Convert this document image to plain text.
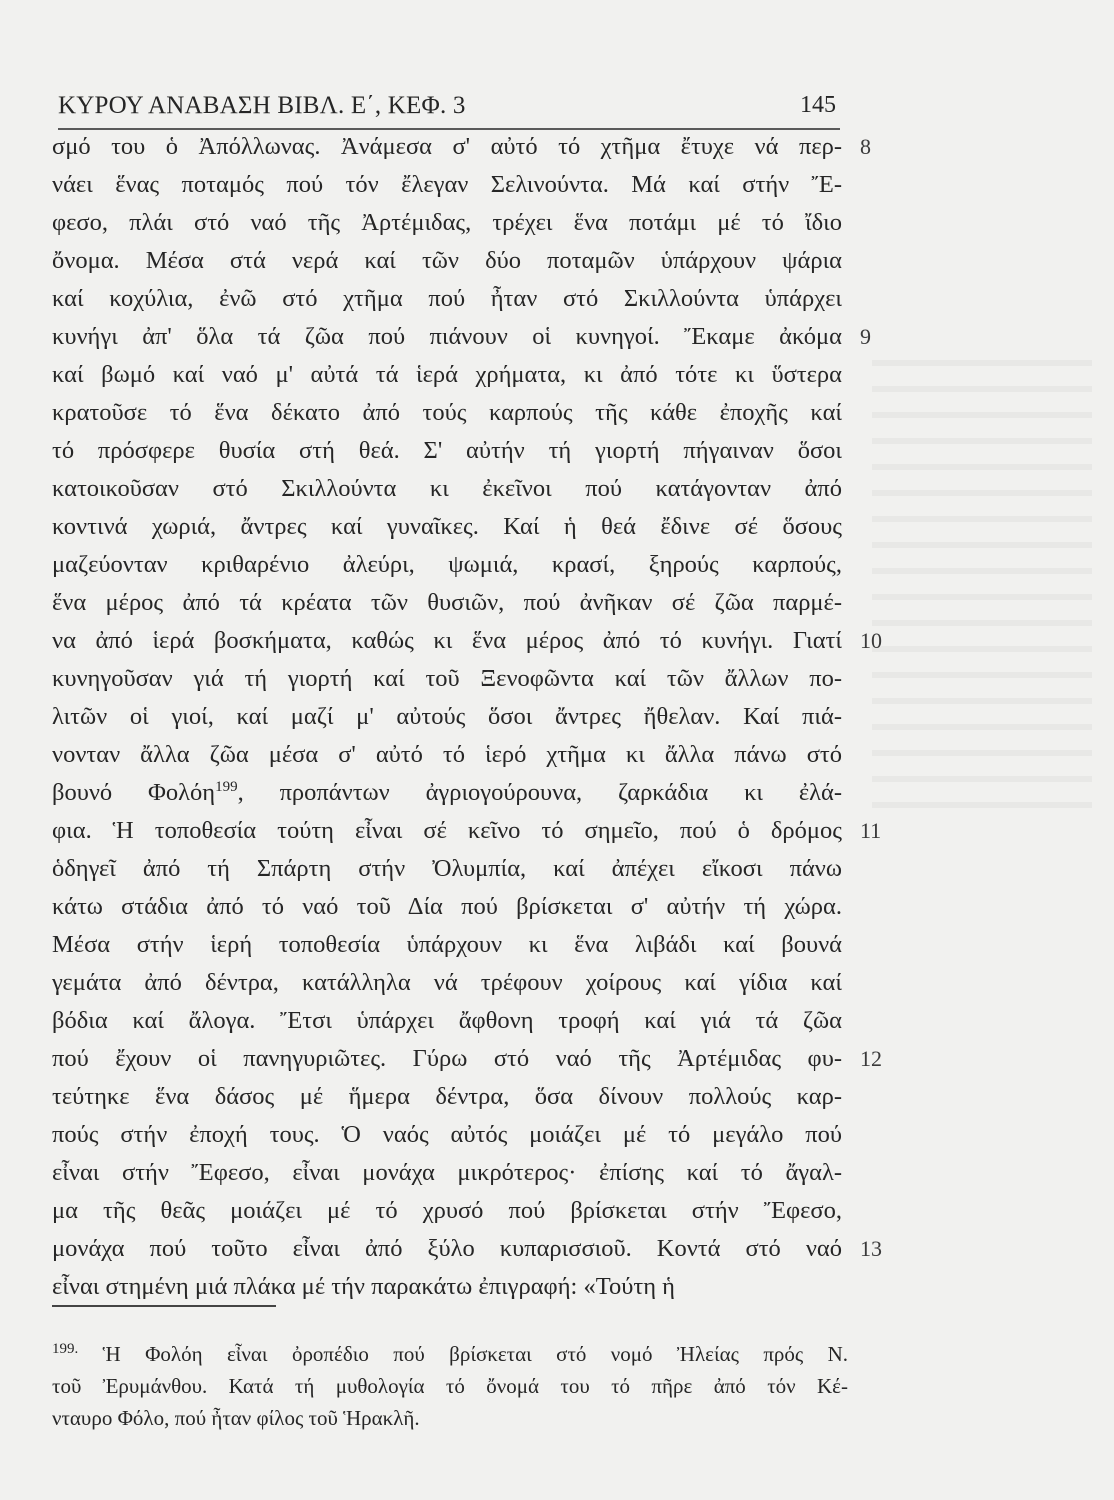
ΚΥΡΟΥ ΑΝΑΒΑΣΗ ΒΙΒΛ. Ε΄, ΚΕΦ. 3	145
σμό του ὁ Ἀπόλλωνας. Ἀνάμεσα σ' αὐτό τό χτῆμα ἔτυχε νά περ- 8
νάει ἕνας ποταμός πού τόν ἔλεγαν Σελινούντα. Μά καί στήν Ἔ-
φεσο, πλάι στό ναό τῆς Ἀρτέμιδας, τρέχει ἕνα ποτάμι μέ τό ἴδιο
ὄνομα. Μέσα στά νερά καί τῶν δύο ποταμῶν ὑπάρχουν ψάρια
καί κοχύλια, ἐνῶ στό χτῆμα πού ἦταν στό Σκιλλούντα ὑπάρχει
κυνήγι ἀπ' ὅλα τά ζῶα πού πιάνουν οἱ κυνηγοί. Ἔκαμε ἀκόμα 9
καί βωμό καί ναό μ' αὐτά τά ἱερά χρήματα, κι ἀπό τότε κι ὕστερα
κρατοῦσε τό ἕνα δέκατο ἀπό τούς καρπούς τῆς κάθε ἐποχῆς καί
τό πρόσφερε θυσία στή θεά. Σ' αὐτήν τή γιορτή πήγαιναν ὅσοι
κατοικοῦσαν στό Σκιλλούντα κι ἐκεῖνοι πού κατάγονταν ἀπό
κοντινά χωριά, ἄντρες καί γυναῖκες. Καί ἡ θεά ἔδινε σέ ὅσους
μαζεύονταν κριθαρένιο ἀλεύρι, ψωμιά, κρασί, ξηρούς καρπούς,
ἕνα μέρος ἀπό τά κρέατα τῶν θυσιῶν, πού ἀνῆκαν σέ ζῶα παρμέ-
να ἀπό ἱερά βοσκήματα, καθώς κι ἕνα μέρος ἀπό τό κυνήγι. Γιατί 10
κυνηγοῦσαν γιά τή γιορτή καί τοῦ Ξενοφῶντα καί τῶν ἄλλων πο-
λιτῶν οἱ γιοί, καί μαζί μ' αὐτούς ὅσοι ἄντρες ἤθελαν. Καί πιά-
νονταν ἄλλα ζῶα μέσα σ' αὐτό τό ἱερό χτῆμα κι ἄλλα πάνω στό
βουνό Φολόη$^{199}$, προπάντων ἀγριογούρουνα, ζαρκάδια κι ἐλά-
φια. Ἡ τοποθεσία τούτη εἶναι σέ κεῖνο τό σημεῖο, πού ὁ δρόμος 11
ὁδηγεῖ ἀπό τή Σπάρτη στήν Ὀλυμπία, καί ἀπέχει εἴκοσι πάνω
κάτω στάδια ἀπό τό ναό τοῦ Δία πού βρίσκεται σ' αὐτήν τή χώρα.
Μέσα στήν ἱερή τοποθεσία ὑπάρχουν κι ἕνα λιβάδι καί βουνά
γεμάτα ἀπό δέντρα, κατάλληλα νά τρέφουν χοίρους καί γίδια καί
βόδια καί ἄλογα. Ἔτσι ὑπάρχει ἄφθονη τροφή καί γιά τά ζῶα
πού ἔχουν οἱ πανηγυριῶτες. Γύρω στό ναό τῆς Ἀρτέμιδας φυ- 12
τεύτηκε ἕνα δάσος μέ ἥμερα δέντρα, ὅσα δίνουν πολλούς καρ-
πούς στήν ἐποχή τους. Ὁ ναός αὐτός μοιάζει μέ τό μεγάλο πού
εἶναι στήν Ἔφεσο, εἶναι μονάχα μικρότερος· ἐπίσης καί τό ἄγαλ-
μα τῆς θεᾶς μοιάζει μέ τό χρυσό πού βρίσκεται στήν Ἔφεσο,
μονάχα πού τοῦτο εἶναι ἀπό ξύλο κυπαρισσιοῦ. Κοντά στό ναό 13
εἶναι στημένη μιά πλάκα μέ τήν παρακάτω ἐπιγραφή: «Τούτη ἡ
$^{199.}$ Ἡ Φολόη εἶναι ὀροπέδιο πού βρίσκεται στό νομό Ἠλείας πρός Ν.
τοῦ Ἐρυμάνθου. Κατά τή μυθολογία τό ὄνομά του τό πῆρε ἀπό τόν Κέ-
νταυρο Φόλο, πού ἦταν φίλος τοῦ Ἡρακλῆ.
